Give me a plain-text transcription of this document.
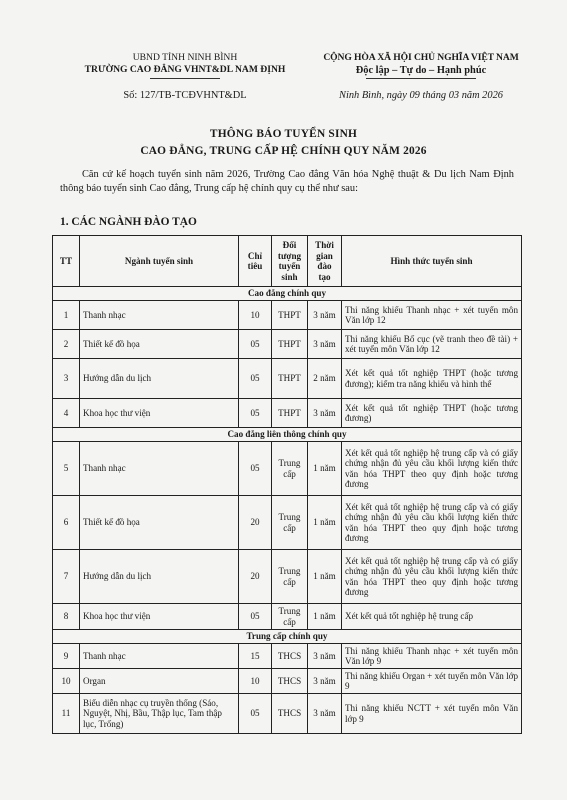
UBND TỈNH NINH BÌNH
TRƯỜNG CAO ĐẲNG VHNT&DL NAM ĐỊNH
CỘNG HÒA XÃ HỘI CHỦ NGHĨA VIỆT NAM
Độc lập – Tự do – Hạnh phúc
Số: 127/TB-TCĐVHNT&DL	Ninh Bình, ngày 09 tháng 03 năm 2026
THÔNG BÁO TUYỂN SINH
CAO ĐẲNG, TRUNG CẤP HỆ CHÍNH QUY NĂM 2026
Căn cứ kế hoạch tuyển sinh năm 2026, Trường Cao đẳng Văn hóa Nghệ thuật & Du lịch Nam Định thông báo tuyển sinh Cao đẳng, Trung cấp hệ chính quy cụ thể như sau:
1. CÁC NGÀNH ĐÀO TẠO
TT	Ngành tuyển sinh	Chỉ tiêu	Đối tượng tuyển sinh	Thời gian đào tạo	Hình thức tuyển sinh
Cao đẳng chính quy					
1	Thanh nhạc	10	THPT	3 năm	Thi năng khiếu Thanh nhạc + xét tuyển môn Văn lớp 12
2	Thiết kế đồ họa	05	THPT	3 năm	Thi năng khiếu Bố cục (vẽ tranh theo đề tài) + xét tuyển môn Văn lớp 12
3	Hướng dẫn du lịch	05	THPT	2 năm	Xét kết quả tốt nghiệp THPT (hoặc tương đương); kiểm tra năng khiếu và hình thể
4	Khoa học thư viện	05	THPT	3 năm	Xét kết quả tốt nghiệp THPT (hoặc tương đương)
Cao đẳng liên thông chính quy					
5	Thanh nhạc	05	Trung cấp	1 năm	Xét kết quả tốt nghiệp hệ trung cấp và có giấy chứng nhận đủ yêu cầu khối lượng kiến thức văn hóa THPT theo quy định hoặc tương đương
6	Thiết kế đồ họa	20	Trung cấp	1 năm	Xét kết quả tốt nghiệp hệ trung cấp và có giấy chứng nhận đủ yêu cầu khối lượng kiến thức văn hóa THPT theo quy định hoặc tương đương
7	Hướng dẫn du lịch	20	Trung cấp	1 năm	Xét kết quả tốt nghiệp hệ trung cấp và có giấy chứng nhận đủ yêu cầu khối lượng kiến thức văn hóa THPT theo quy định hoặc tương đương
8	Khoa học thư viện	05	Trung cấp	1 năm	Xét kết quả tốt nghiệp hệ trung cấp
Trung cấp chính quy					
9	Thanh nhạc	15	THCS	3 năm	Thi năng khiếu Thanh nhạc + xét tuyển môn Văn lớp 9
10	Organ	10	THCS	3 năm	Thi năng khiếu Organ + xét tuyển môn Văn lớp 9
11	Biểu diễn nhạc cụ truyền thống (Sáo, Nguyệt, Nhị, Bầu, Thập lục, Tam thập lục, Trống)	05	THCS	3 năm	Thi năng khiếu NCTT + xét tuyển môn Văn lớp 9
